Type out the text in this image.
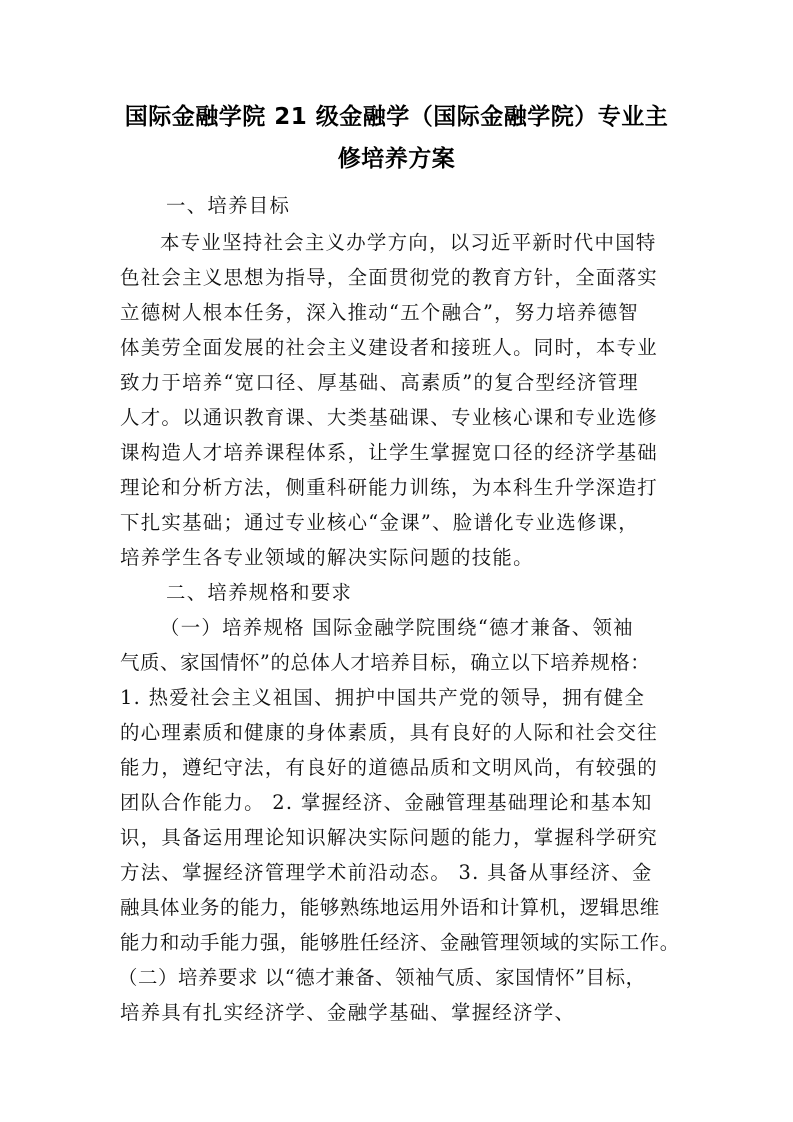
国际金融学院 21 级金融学（国际金融学院）专业主
修培养方案
一、培养目标
本专业坚持社会主义办学方向，以习近平新时代中国特
色社会主义思想为指导，全面贯彻党的教育方针，全面落实
立德树人根本任务，深入推动“五个融合”，努力培养德智
体美劳全面发展的社会主义建设者和接班人。同时，本专业
致力于培养“宽口径、厚基础、高素质”的复合型经济管理
人才。以通识教育课、大类基础课、专业核心课和专业选修
课构造人才培养课程体系，让学生掌握宽口径的经济学基础
理论和分析方法，侧重科研能力训练，为本科生升学深造打
下扎实基础；通过专业核心“金课”、脸谱化专业选修课，
培养学生各专业领域的解决实际问题的技能。
二、培养规格和要求
（一）培养规格 国际金融学院围绕“德才兼备、领袖
气质、家国情怀”的总体人才培养目标，确立以下培养规格：
1. 热爱社会主义祖国、拥护中国共产党的领导，拥有健全
的心理素质和健康的身体素质，具有良好的人际和社会交往
能力，遵纪守法，有良好的道德品质和文明风尚，有较强的
团队合作能力。 2. 掌握经济、金融管理基础理论和基本知
识，具备运用理论知识解决实际问题的能力，掌握科学研究
方法、掌握经济管理学术前沿动态。 3. 具备从事经济、金
融具体业务的能力，能够熟练地运用外语和计算机，逻辑思维
能力和动手能力强，能够胜任经济、金融管理领域的实际工作。
（二）培养要求 以“德才兼备、领袖气质、家国情怀”目标，
培养具有扎实经济学、金融学基础、掌握经济学、
